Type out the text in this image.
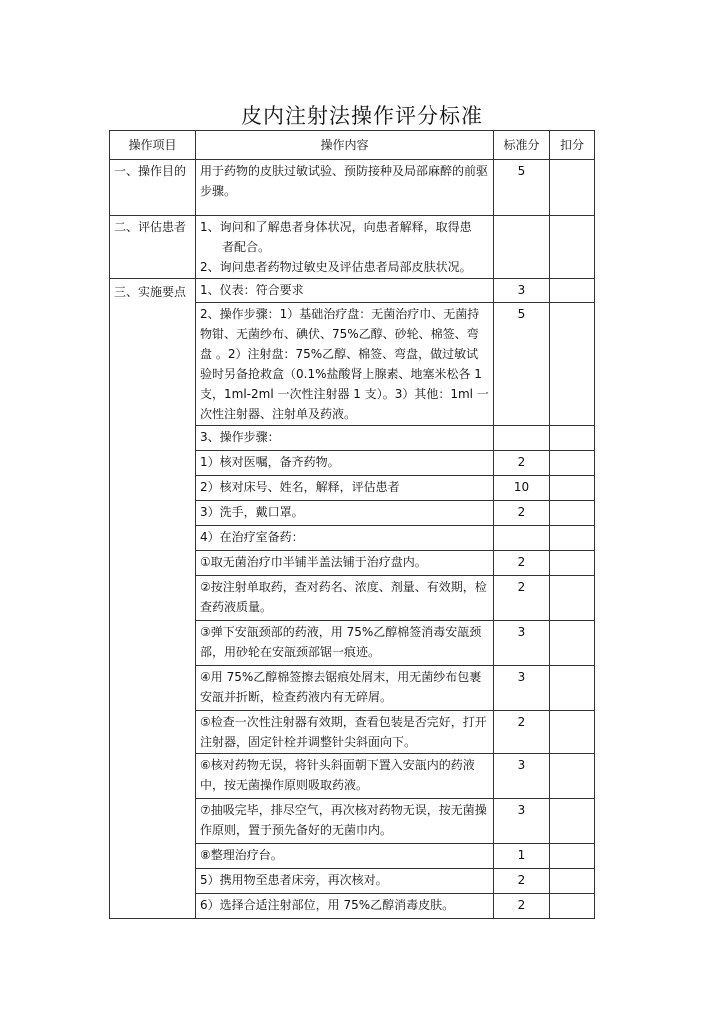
皮内注射法操作评分标准
操作项目	操作内容	标准分	扣分
一、操作目的	用于药物的皮肤过敏试验、预防接种及局部麻醉的前驱步骤。	5	
二、评估患者	1、询问和了解患者身体状况，向患者解释，取得患
者配合。
2、询问患者药物过敏史及评估患者局部皮肤状况。		
三、实施要点	1、仪表：符合要求	3	
	2、操作步骤：1）基础治疗盘：无菌治疗巾、无菌持物钳、无菌纱布、碘伏、75%乙醇、砂轮、棉签、弯盘 。2）注射盘：75%乙醇、棉签、弯盘，做过敏试验时另备抢救盒（0.1%盐酸肾上腺素、地塞米松各 1 支，1ml-2ml 一次性注射器 1 支）。3）其他：1ml 一次性注射器、注射单及药液。	5	
	3、操作步骤：		
	1）核对医嘱，备齐药物。	2	
	2）核对床号、姓名，解释，评估患者	10	
	3）洗手，戴口罩。	2	
	4）在治疗室备药：		
	①取无菌治疗巾半铺半盖法铺于治疗盘内。	2	
	②按注射单取药，查对药名、浓度、剂量、有效期，检查药液质量。	2	
	③弹下安瓿颈部的药液，用 75%乙醇棉签消毒安瓿颈部，用砂轮在安瓿颈部锯一痕迹。	3	
	④用 75%乙醇棉签擦去锯痕处屑末，用无菌纱布包裹安瓿并折断，检查药液内有无碎屑。	3	
	⑤检查一次性注射器有效期，查看包装是否完好，打开注射器，固定针栓并调整针尖斜面向下。	2	
	⑥核对药物无误，将针头斜面朝下置入安瓿内的药液中，按无菌操作原则吸取药液。	3	
	⑦抽吸完毕，排尽空气，再次核对药物无误，按无菌操作原则，置于预先备好的无菌巾内。	3	
	⑧整理治疗台。	1	
	5）携用物至患者床旁，再次核对。	2	
	6）选择合适注射部位，用 75%乙醇消毒皮肤。	2	
